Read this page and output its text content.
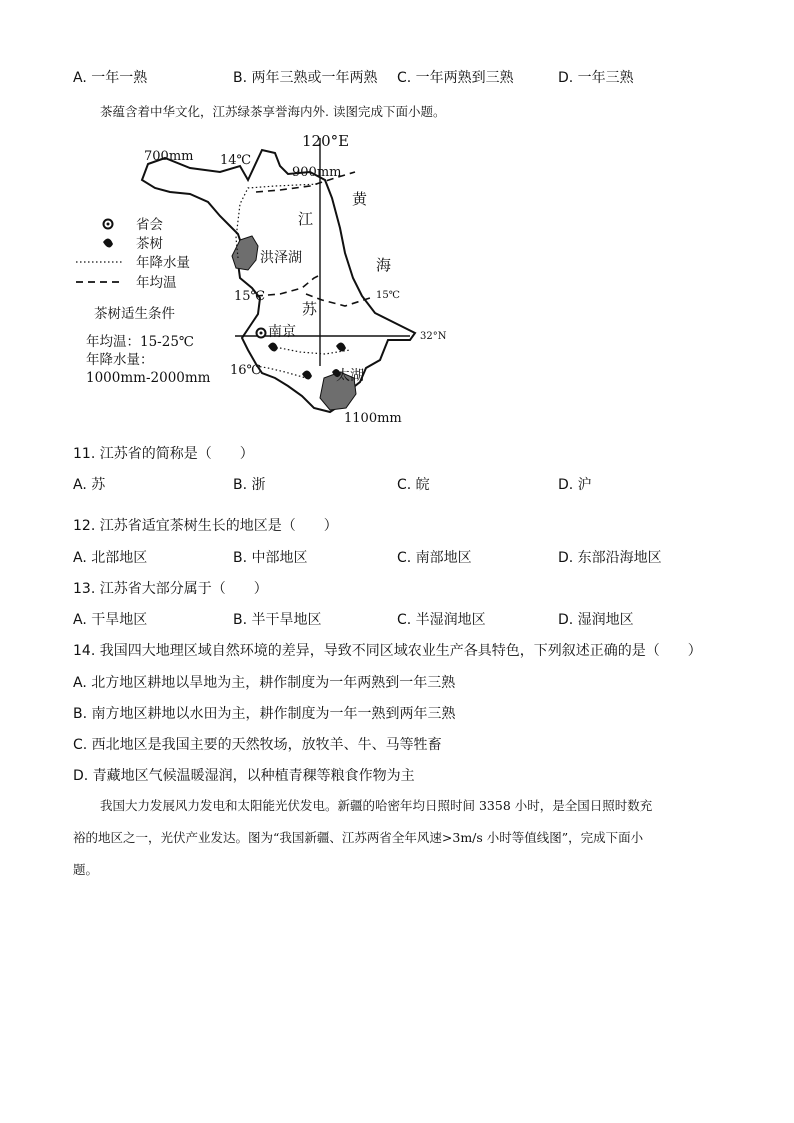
A. 一年一熟	B. 两年三熟或一年两熟 C. 一年两熟到三熟	D. 一年三熟
茶蕴含着中华文化，江苏绿茶享誉海内外. 读图完成下面小题。
120°E
700mm 14℃
900mm
江
黄
海
洪泽湖
15℃
苏
15℃
32°N
南京
16℃	太湖
1100mm
省会
茶树
年降水量
年均温
茶树适生条件
年均温：15-25℃
年降水量：
1000mm-2000mm
11. 江苏省的简称是（　　）
A. 苏	B. 浙	C. 皖	D. 沪
12. 江苏省适宜茶树生长的地区是（　　）
A. 北部地区	B. 中部地区	C. 南部地区	D. 东部沿海地区
13. 江苏省大部分属于（　　）
A. 干旱地区	B. 半干旱地区	C. 半湿润地区	D. 湿润地区
14. 我国四大地理区域自然环境的差异，导致不同区域农业生产各具特色，下列叙述正确的是（　　）
A. 北方地区耕地以旱地为主，耕作制度为一年两熟到一年三熟
B. 南方地区耕地以水田为主，耕作制度为一年一熟到两年三熟
C. 西北地区是我国主要的天然牧场，放牧羊、牛、马等牲畜
D. 青藏地区气候温暖湿润，以种植青稞等粮食作物为主
我国大力发展风力发电和太阳能光伏发电。新疆的哈密年均日照时间 3358 小时，是全国日照时数充
裕的地区之一，光伏产业发达。图为“我国新疆、江苏两省全年风速>3m/s 小时等值线图”，完成下面小
题。
